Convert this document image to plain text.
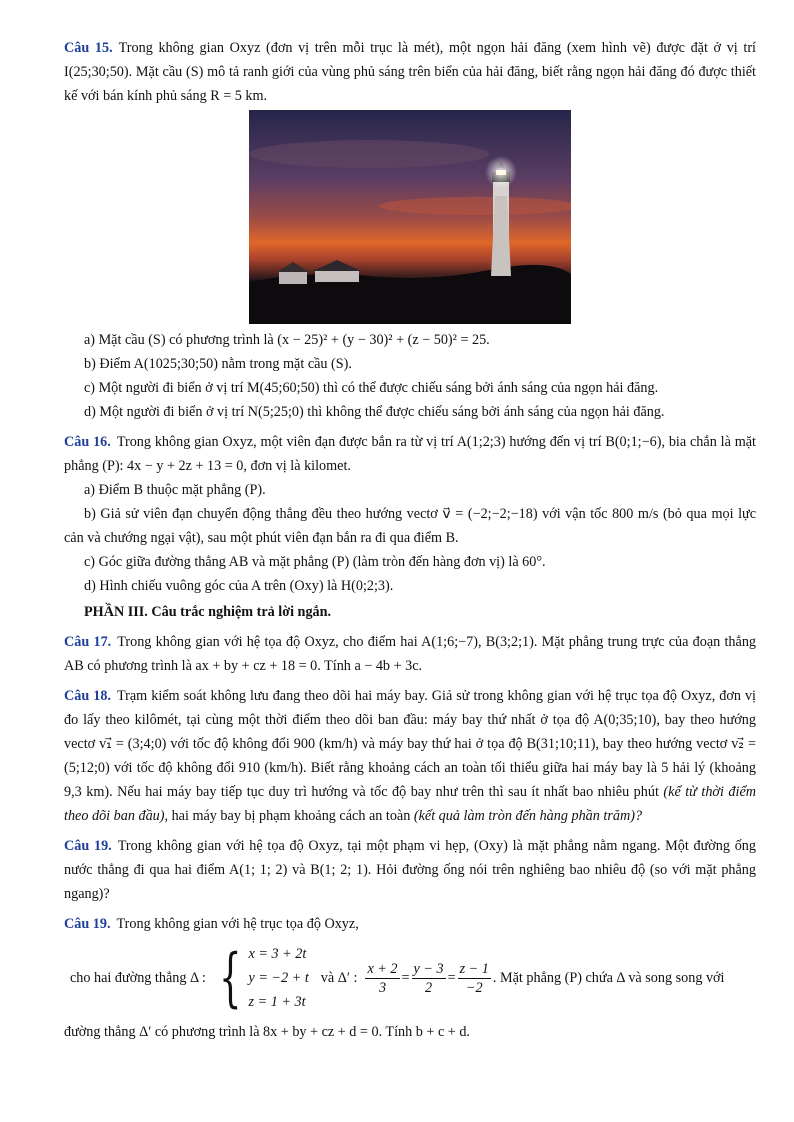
Câu 15. Trong không gian Oxyz (đơn vị trên mỗi trục là mét), một ngọn hải đăng (xem hình vẽ) được đặt ở vị trí I(25;30;50). Mặt cầu (S) mô tả ranh giới của vùng phủ sáng trên biển của hải đăng, biết rằng ngọn hải đăng đó được thiết kế với bán kính phủ sáng R = 5 km.

a) Mặt cầu (S) có phương trình là (x − 25)² + (y − 30)² + (z − 50)² = 25.

b) Điểm A(1025;30;50) nằm trong mặt cầu (S).

c) Một người đi biển ở vị trí M(45;60;50) thì có thể được chiếu sáng bởi ánh sáng của ngọn hải đăng.

d) Một người đi biển ở vị trí N(5;25;0) thì không thể được chiếu sáng bởi ánh sáng của ngọn hải đăng.

Câu 16. Trong không gian Oxyz, một viên đạn được bắn ra từ vị trí A(1;2;3) hướng đến vị trí B(0;1;−6), bia chắn là mặt phẳng (P): 4x − y + 2z + 13 = 0, đơn vị là kilomet.

a) Điểm B thuộc mặt phẳng (P).

b) Giả sử viên đạn chuyển động thẳng đều theo hướng vectơ v⃗ = (−2;−2;−18) với vận tốc 800 m/s (bỏ qua mọi lực cản và chướng ngại vật), sau một phút viên đạn bắn ra đi qua điểm B.

c) Góc giữa đường thẳng AB và mặt phẳng (P) (làm tròn đến hàng đơn vị) là 60°.

d) Hình chiếu vuông góc của A trên (Oxy) là H(0;2;3).

PHẦN III. Câu trắc nghiệm trả lời ngắn.

Câu 17. Trong không gian với hệ tọa độ Oxyz, cho điểm hai A(1;6;−7), B(3;2;1). Mặt phẳng trung trực của đoạn thẳng AB có phương trình là ax + by + cz + 18 = 0. Tính a − 4b + 3c.

Câu 18. Trạm kiểm soát không lưu đang theo dõi hai máy bay. Giả sử trong không gian với hệ trục tọa độ Oxyz, đơn vị đo lấy theo kilômét, tại cùng một thời điểm theo dõi ban đầu: máy bay thứ nhất ở tọa độ A(0;35;10), bay theo hướng vectơ v₁⃗ = (3;4;0) với tốc độ không đổi 900 (km/h) và máy bay thứ hai ở tọa độ B(31;10;11), bay theo hướng vectơ v₂⃗ = (5;12;0) với tốc độ không đổi 910 (km/h). Biết rằng khoảng cách an toàn tối thiểu giữa hai máy bay là 5 hải lý (khoảng 9,3 km). Nếu hai máy bay tiếp tục duy trì hướng và tốc độ bay như trên thì sau ít nhất bao nhiêu phút (kể từ thời điểm theo dõi ban đầu), hai máy bay bị phạm khoảng cách an toàn (kết quả làm tròn đến hàng phần trăm)?

Câu 19. Trong không gian với hệ tọa độ Oxyz, tại một phạm vi hẹp, (Oxy) là mặt phẳng nằm ngang. Một đường ống nước thẳng đi qua hai điểm A(1; 1; 2) và B(1; 2; 1). Hỏi đường ống nói trên nghiêng bao nhiêu độ (so với mặt phẳng ngang)?

Câu 19. Trong không gian với hệ trục tọa độ Oxyz,

cho hai đường thẳng Δ : { x = 3 + 2t
y = −2 + t
z = 1 + 3t
và Δ′ : $\frac{x + 2}{3} = \frac{y - 3}{2} = \frac{z - 1}{-2}$ . Mặt phẳng (P) chứa Δ và song song với

đường thẳng Δ′ có phương trình là 8x + by + cz + d = 0. Tính b + c + d.
